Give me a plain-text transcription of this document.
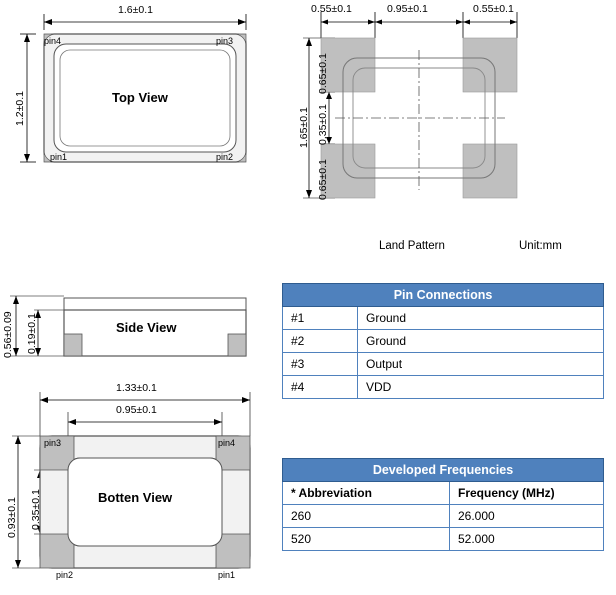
1.6±0.1
1.2±0.1
pin4	pin3
pin1	pin2
Top View
0.55±0.1	0.95±0.1	0.55±0.1
1.65±0.1
0.65±0.1
0.35±0.1
0.65±0.1
Land Pattern	Unit:mm
0.56±0.09 0.19±0.1	Side View
1.33±0.1
0.95±0.1
0.93±0.1 0.35±0.1
pin3	pin4
pin2	pin1
Botten View
Pin Connections	
#1	Ground
#2	Ground
#3	Output
#4	VDD
Developed Frequencies	
* Abbreviation	Frequency (MHz)
260	26.000
520	52.000
